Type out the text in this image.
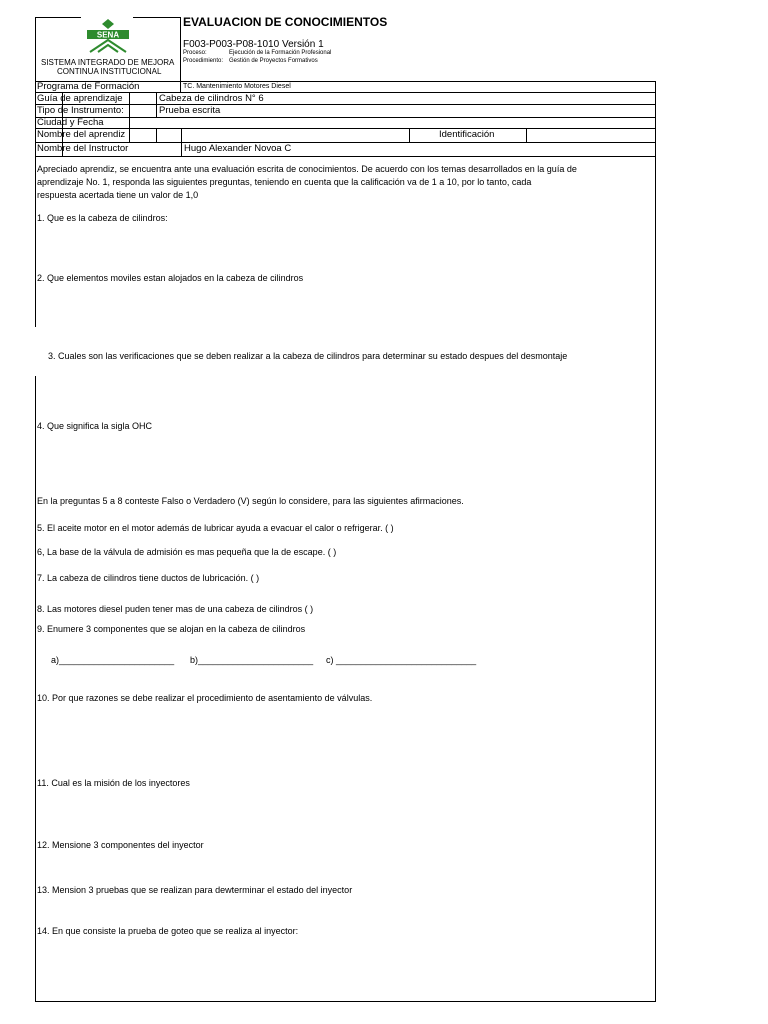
SENA
SISTEMA INTEGRADO DE MEJORA
CONTINUA INSTITUCIONAL
EVALUACION DE CONOCIMIENTOS
F003-P003-P08-1010 Versión 1
Proceso:	Ejecución de la Formación Profesional
Procedimiento: Gestión de Proyectos Formativos
Programa de Formación	TC. Mantenimiento Motores Diesel
Guía de aprendizaje	Cabeza de cilindros N° 6
Tipo de Instrumento:	Prueba escrita
Ciudad y Fecha
Nombre del aprendiz	Identificación
Nombre del Instructor	Hugo Alexander Novoa C
Apreciado aprendiz, se encuentra ante una evaluación escrita de conocimientos. De acuerdo con los temas desarrollados en la guía de
aprendizaje No. 1, responda las siguientes preguntas, teniendo en cuenta que la calificación va de 1 a 10, por lo tanto, cada
respuesta acertada tiene un valor de 1,0
1. Que es la cabeza de cilindros:
2. Que elementos moviles estan alojados en la cabeza de cilindros
3. Cuales son las verificaciones que se deben realizar a la cabeza de cilindros para determinar su estado despues del desmontaje
4. Que significa la sigla OHC
En la preguntas 5 a 8 conteste Falso o Verdadero (V) según lo considere, para las siguientes afirmaciones.
5. El aceite motor en el motor además de lubricar ayuda a evacuar el calor o refrigerar. ( )
6, La base de la válvula de admisión es mas pequeña que la de escape. ( )
7. La cabeza de cilindros tiene ductos de lubricación. ( )
8. Las motores diesel puden tener mas de una cabeza de cilindros ( )
9. Enumere 3 componentes que se alojan en la cabeza de cilindros
a)_______________________ b)_______________________ c) ____________________________
10. Por que razones se debe realizar el procedimiento de asentamiento de válvulas.
11. Cual es la misión de los inyectores
12. Mensione 3 componentes del inyector
13. Mension 3 pruebas que se realizan para dewterminar el estado del inyector
14. En que consiste la prueba de goteo que se realiza al inyector:
